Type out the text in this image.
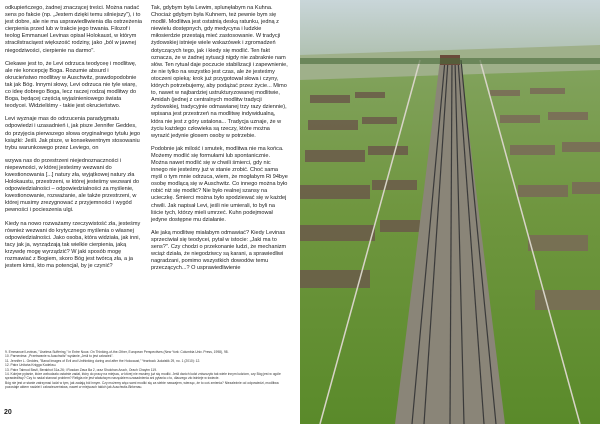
odkupieńczego, żadnej znaczącej treści. Można nadać sens po fakcie (np. „Jestem dzięki temu silniejszy"), i to jest dobre, ale nie ma usprawiedliwienia dla ostrzeżenia cierpienia przed lub w trakcie jego trwania. Filozof i teolog Emmanuel Levinas opisał Holokaust, w którym straciłstraciąest większość rodziny, jako „ból w jawnej niegodziwości, cierpienie na darmo".

Ciekawe jest to, że Levi odrzuca teodyceę i modlitwę, ale nie koncepcję Boga. Rozumie absurd i okrucieństwo modlitwy w Auschwitz, prawdopodobnie tak jak Bóg. Innymi słowy, Levi odrzuca nie tyle wiarę, co ideę dobrego Boga, lecz raczej rodzaj modlitwy do Boga, będącej częścią wyjaśnieniowego świata teodycei. Widzieliśmy - takie jest okrucieństwo.

Levi wyznaje mas do odrzucenia paradygmatu odpowiedzi i uzasadnień i, jak pisze Jennifer Geddes, do przyjęcia pierwszego słowa oryginalnego tytułu jego książki: Jeśli. Jak pisze, w konsekwentnym stosowaniu trybu warunkowego przez Leviego, on

wzywa nas do przestrzeni niejednoznaczności i niepewności, w której jesteśmy wezwani do kwestionowania [...] natury zła, wyjątkowej natury zła Holokaustu, przestrzeni, w której jesteśmy wezwani do odpowiedzialności – odpowiedzialności za myślenie, kwestionowanie, rozważanie, ale także przestrzeni, w której musimy zrezygnować z przyjemności i wygód pewności i pocieszenia ulgi.

Kiedy na nowo rozważamy rzeczywistość zła, jesteśmy również wezwani do krytycznego myślenia o własnej odpowiedzialności. Jako osoba, która widziała, jak inni, tacy jak ja, wyrządzają tak wielkie cierpienia, jaką krzywdę mogę wyrządzić? W jaki sposób mogę rozmawiać z Bogiem, skoro Bóg jest twórcą zła, a ja jestem kimś, kto ma potencjał, by je czynić?

Tak, gdybym była Lewim, splunęłabym na Kuhna. Chociaż gdybym była Kuhnem, też pewnie bym się modlił. Modlitwa jest ostatnią deską ratunku, jedną z niewielu dostępnych, gdy medycyna i ludzkie miłosierdzie przestają mieć zastosowanie. W tradycji żydowskiej istnieje wiele wskazówek i zgromadzeń dotyczących tego, jak i kiedy się modlić. Ten fakt oznacza, że w żadnej sytuacji nigdy nie zabraknie nam słów. Ten rytuał daje poczucie stabilizacji i zapewnienie, że nie tylko na wszystko jest czas, ale że jesteśmy otoczeni opieką: krok już przygotował słowa i czyny, których potrzebujemy, aby podążać przez życie... Mimo to, nawet w najbardziej ustrukturyzowanej modlitwie, Amidah (jednej z centralnych modlitw tradycji żydowskiej, tradycyjnie odmawianej trzy razy dziennie), wpisana jest przestrzeń na modlitwę indywidualną, która nie jest z góry ustalona... Tradycja uznaje, że w życiu każdego człowieka są rzeczy, które można wyrazić jedynie głosem osoby w potrzebie.

Podobnie jak milość i smutek, modlitwa nie ma końca. Możemy modlić się formułami lub spontanicznie. Można nawet modlić się w chwili śmierci, gdy nic innego nie jesteśmy już w stanie zrobić. Choć sama myśl o tym mnie odrzuca, wiem, że mogłabym Ri 94bye osobę modlącą się w Auschwitz. Co innego można było robić niż się modlić? Nie było realnej szansy na ucieczkę. Śmierci można było spodziewać się w każdej chwili. Jak napisał Levi, jeśli nie umierali, to byli na liście tych, którzy mieli umrzeć. Kuhn podejmował jedyne dostępne mu działanie.

Ale jaką modlitwę miałabym odmawiać? Kiedy Levinas sprzeciwiał się teodycei, pytał w istocie: „Jaki ma to sens?". Czy chodzi o przekonanie ludzi, że mechanizm wciąż działa, że niegodziwcy są karani, a sprawiedliwi nagradzani, pomimo wszystkich dowodów temu przeczących...? O usprawiedliwienie

9. Emmanuel Levinas, "Useless Suffering," in Entre Nous: On Thinking-of-the-Other, European Perspectives (New York: Columbia Univ. Press, 1998), 98.
10. Parnexima: „Przetrwanie w Auschwitz" wydanie „Jeśli to jest człowiek".
11. Jennifer L. Geddes, "Banal Images of Evil and Unthinking during and after the Holocaust," Yearbook Judaistik 29, no. 1 (2010): 12.
12. Patrz Unitańa Knigga Kodeksu.
13. Patrz Talmud Bavli, Berakhot 31a-26; i Rosdan Zava Ba 2, oraz Shulchan Aruch, Orach Chayim 119.
14. Kolejne pytanie, które wzbudzało ostatnie zadał, który do pracy na miejscu, w której nie musimy już się modlić. Jeśli dwóch ludzi zniszczyło tak wiele innym ludziom, czy Bóg jest w ogóle sprawiedliwy? Czy to nadal stanowi problem? Religia nie jest właściwym narzędziem uzasadnienia ani pytania o to, dlaczego zło istnieje w świecie.
Bóg nie jest w stanie zatrzymać ludzi w tym, jak zadają ból innym. Czy możemy więc sami modlić się za siebie nawzajem, wierząc, że to coś zmienia? Niezależnie od odpowiedzi, modlitwa pozostaje aktem nadziei i człowieczeństwa, nawet w miejscach takich jak Auschwitz-Birkenau.
20
